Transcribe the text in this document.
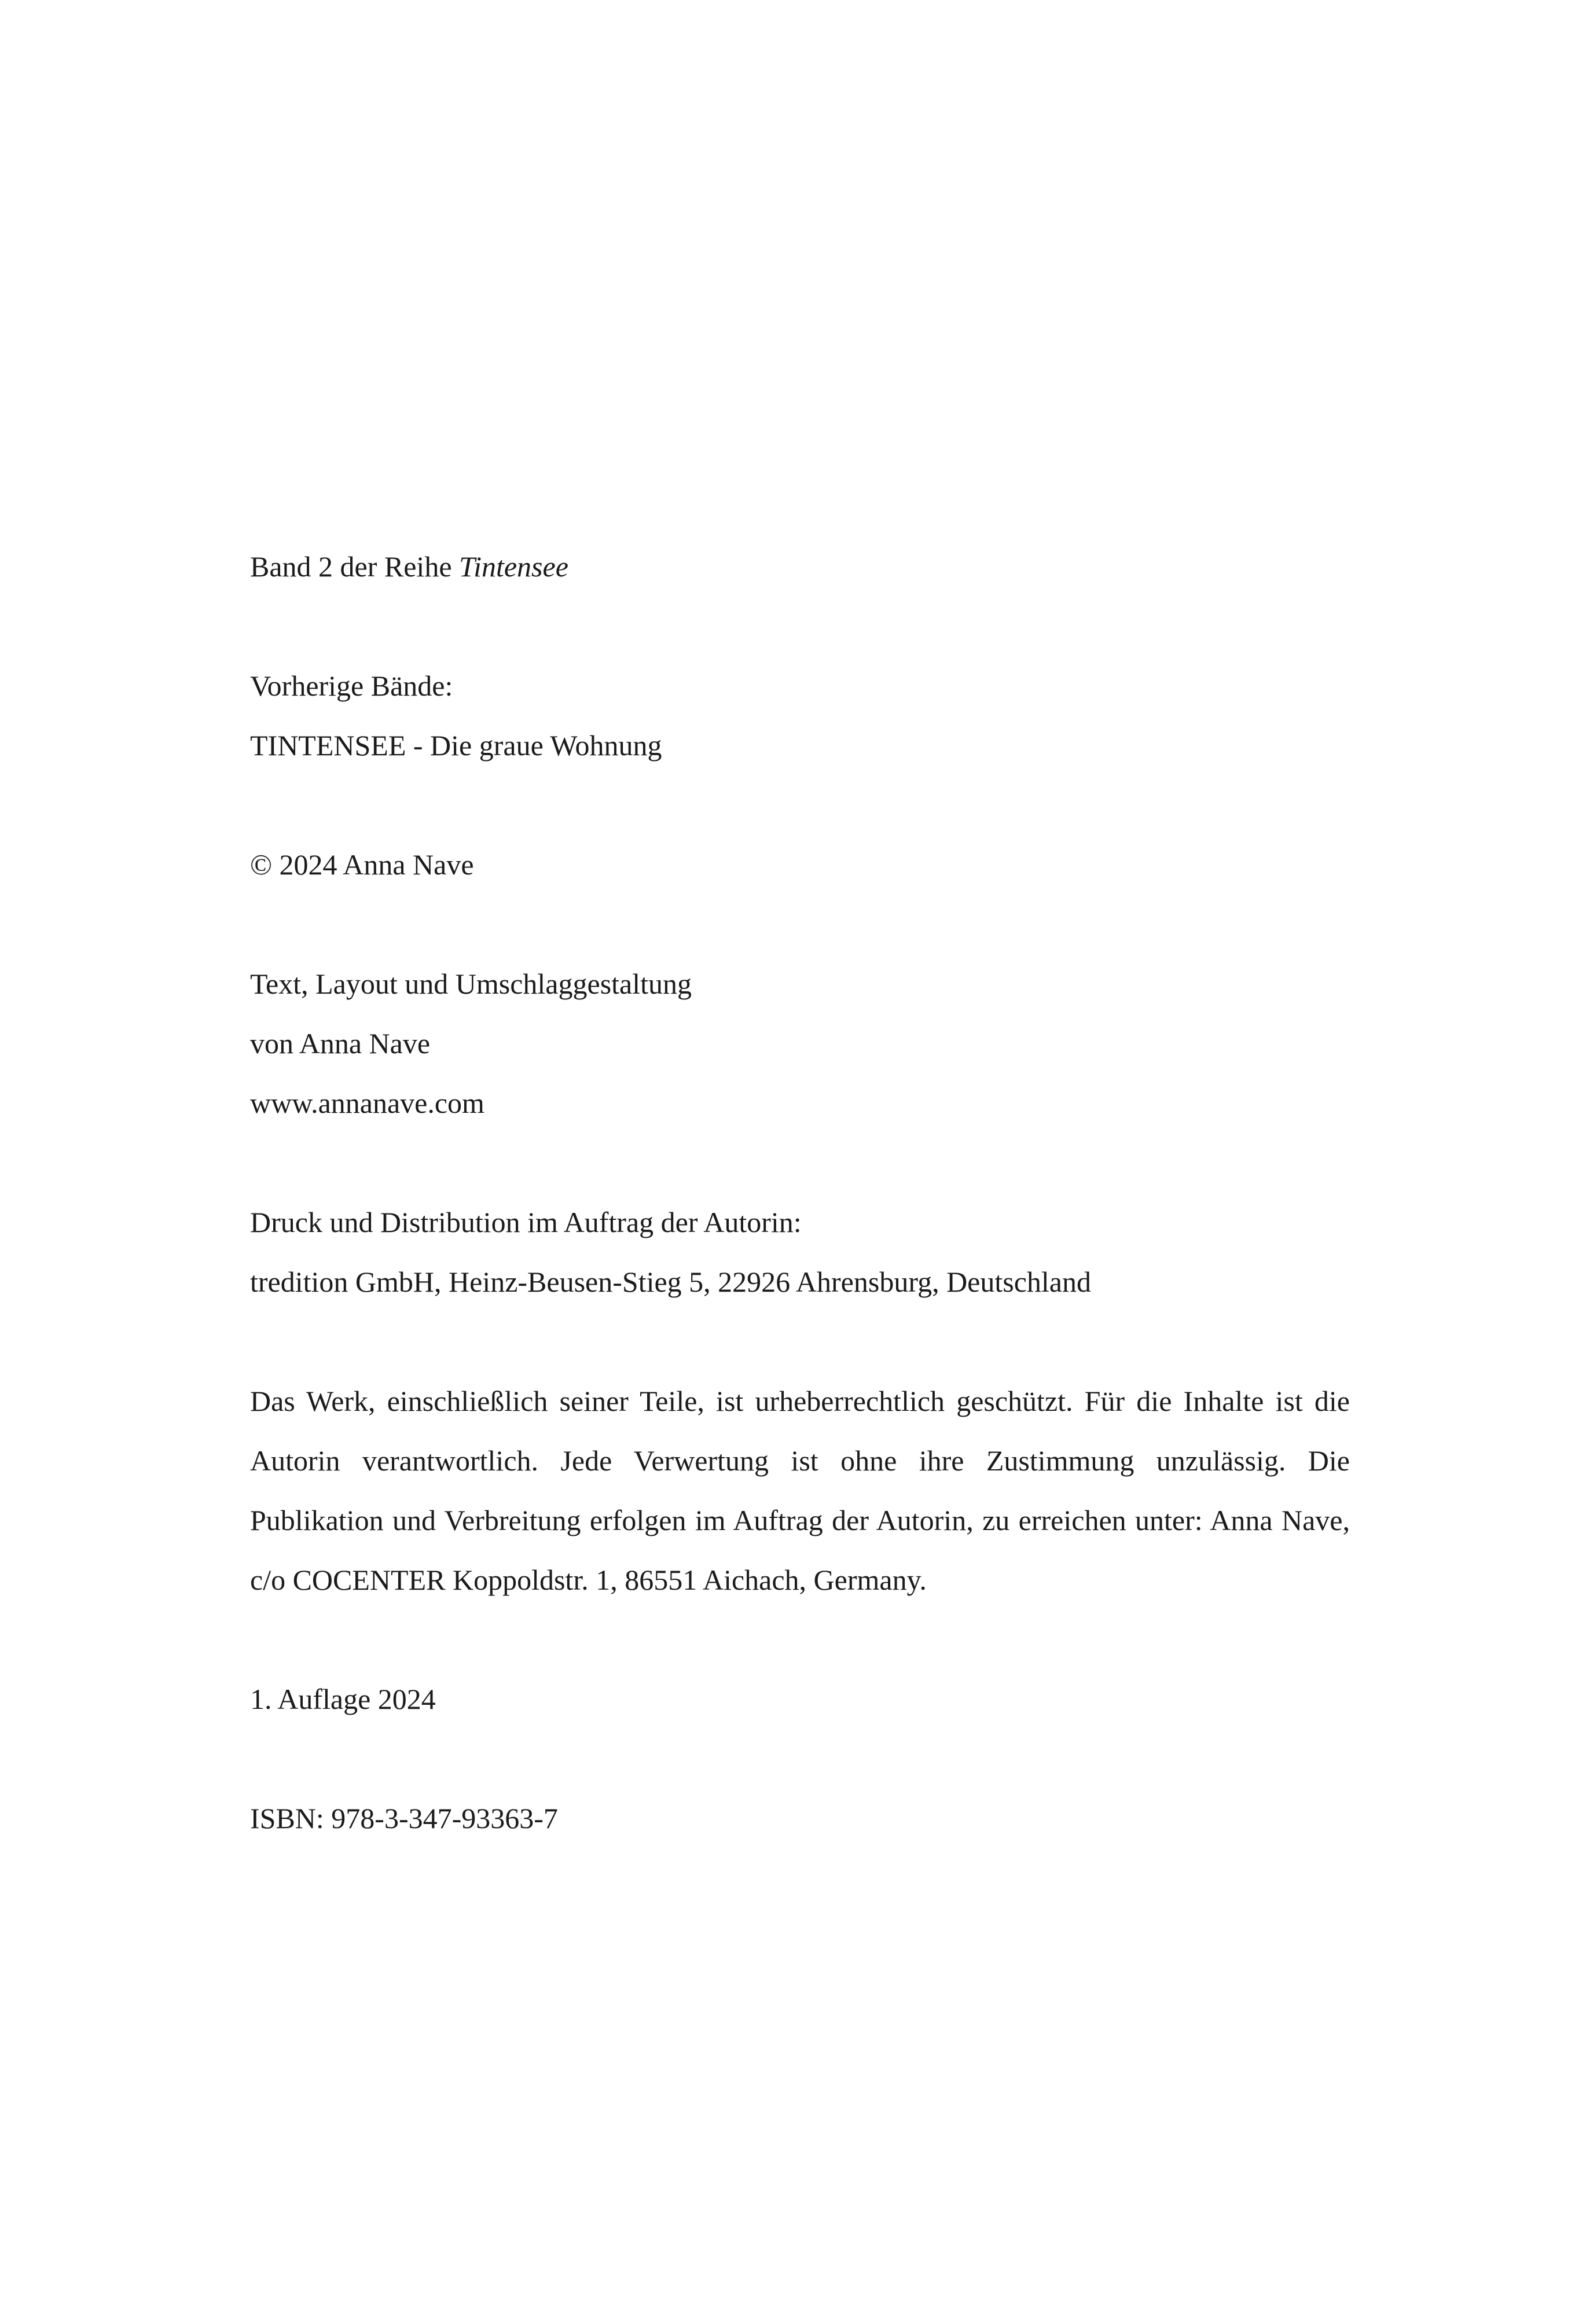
Band 2 der Reihe Tintensee

Vorherige Bände:
TINTENSEE - Die graue Wohnung

© 2024 Anna Nave

Text, Layout und Umschlaggestaltung
von Anna Nave
www.annanave.com

Druck und Distribution im Auftrag der Autorin:
tredition GmbH, Heinz-Beusen-Stieg 5, 22926 Ahrensburg, Deutschland

Das Werk, einschließlich seiner Teile, ist urheberrechtlich geschützt. Für die Inhalte ist die Autorin verantwortlich. Jede Verwertung ist ohne ihre Zustimmung unzulässig. Die Publikation und Verbreitung erfolgen im Auftrag der Autorin, zu erreichen unter: Anna Nave, c/o COCENTER Koppoldstr. 1, 86551 Aichach, Germany.

1. Auflage 2024

ISBN: 978-3-347-93363-7
